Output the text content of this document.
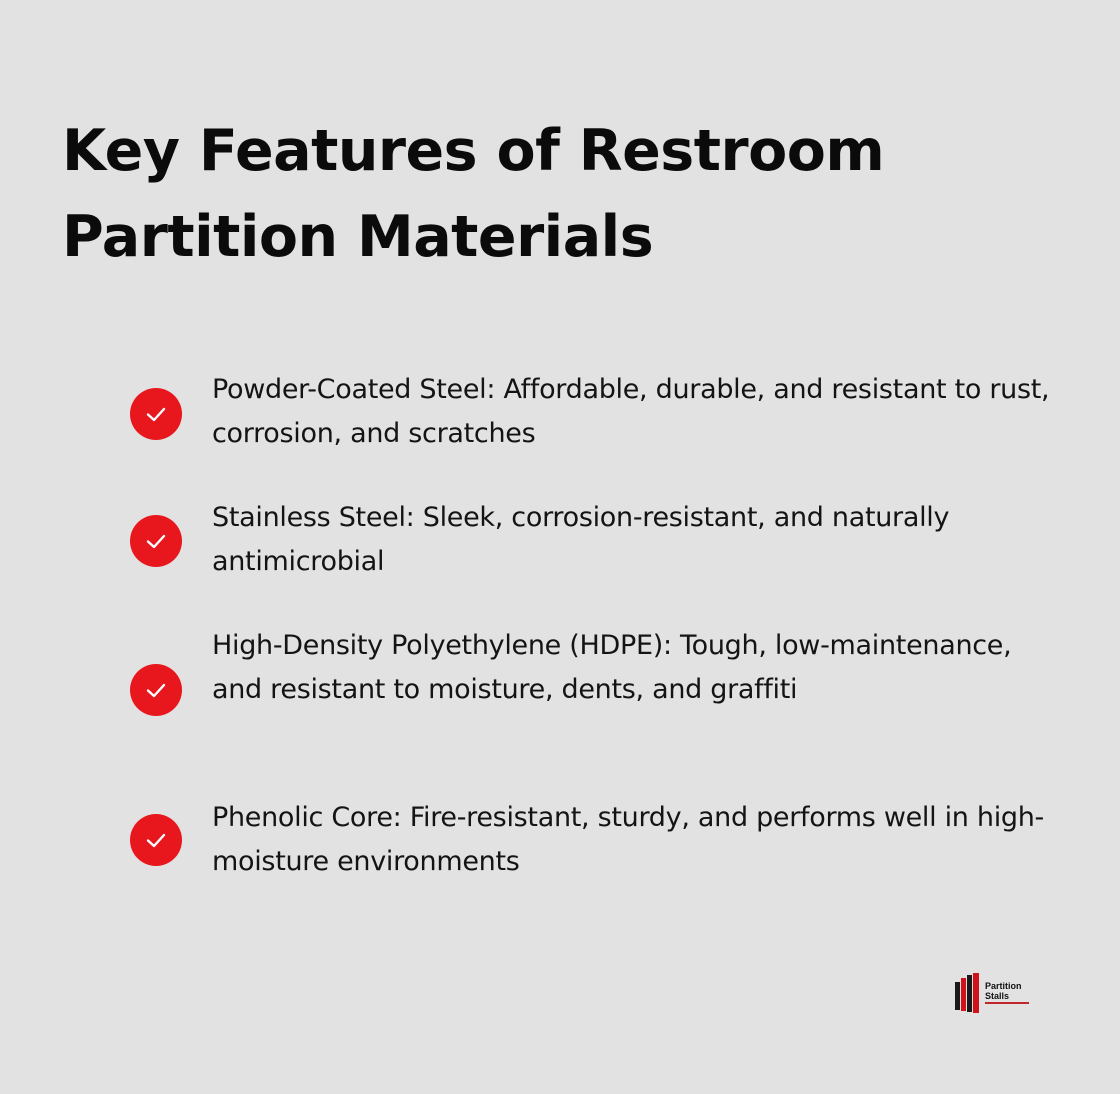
Key Features of Restroom Partition Materials
Powder-Coated Steel: Affordable, durable, and resistant to rust, corrosion, and scratches
Stainless Steel: Sleek, corrosion-resistant, and naturally antimicrobial
High-Density Polyethylene (HDPE): Tough, low-maintenance, and resistant to moisture, dents, and graffiti
Phenolic Core: Fire-resistant, sturdy, and performs well in high-moisture environments
Partition
Stalls
